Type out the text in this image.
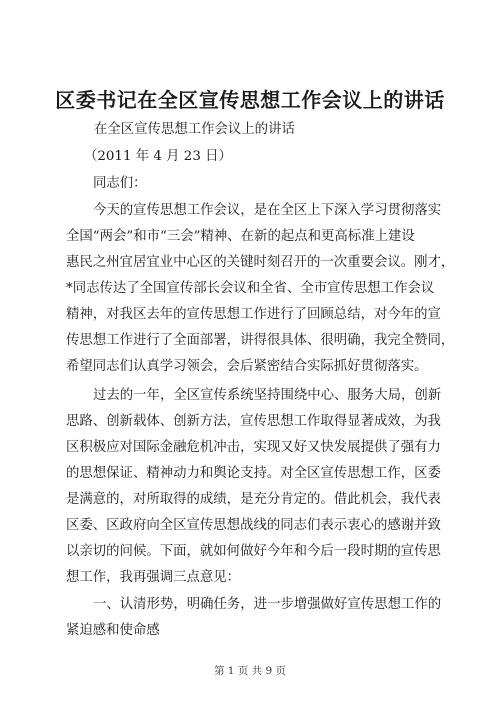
区委书记在全区宣传思想工作会议上的讲话
在全区宣传思想工作会议上的讲话
（2011 年 4 月 23 日）
同志们：
今天的宣传思想工作会议，是在全区上下深入学习贯彻落实
全国“两会”和市“三会”精神、在新的起点和更高标准上建设
惠民之州宜居宜业中心区的关键时刻召开的一次重要会议。刚才，
*同志传达了全国宣传部长会议和全省、全市宣传思想工作会议
精神，对我区去年的宣传思想工作进行了回顾总结，对今年的宣
传思想工作进行了全面部署，讲得很具体、很明确，我完全赞同，
希望同志们认真学习领会，会后紧密结合实际抓好贯彻落实。
过去的一年，全区宣传系统坚持围绕中心、服务大局，创新
思路、创新载体、创新方法，宣传思想工作取得显著成效，为我
区积极应对国际金融危机冲击，实现又好又快发展提供了强有力
的思想保证、精神动力和舆论支持。对全区宣传思想工作，区委
是满意的，对所取得的成绩，是充分肯定的。借此机会，我代表
区委、区政府向全区宣传思想战线的同志们表示衷心的感谢并致
以亲切的问候。下面，就如何做好今年和今后一段时期的宣传思
想工作，我再强调三点意见：
一、认清形势，明确任务，进一步增强做好宣传思想工作的
紧迫感和使命感
第 1 页 共 9 页
